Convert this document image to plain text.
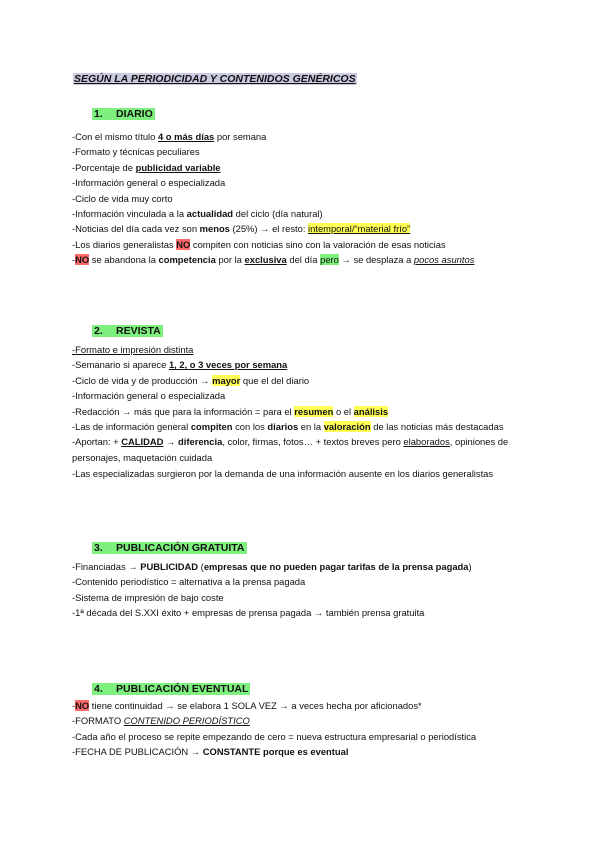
SEGÚN LA PERIODICIDAD Y CONTENIDOS GENÉRICOS
1. DIARIO
-Con el mismo título 4 o más días por semana
-Formato y técnicas peculiares
-Porcentaje de publicidad variable
-Información general o especializada
-Ciclo de vida muy corto
-Información vinculada a la actualidad del ciclo (día natural)
-Noticias del día cada vez son menos (25%) → el resto: intemporal/“material frío”
-Los diarios generalistas NO compiten con noticias sino con la valoración de esas noticias
-NO se abandona la competencia por la exclusiva del día pero → se desplaza a pocos asuntos
2. REVISTA
-Formato e impresión distinta
-Semanario si aparece 1, 2, o 3 veces por semana
-Ciclo de vida y de producción → mayor que el del diario
-Información general o especializada
-Redacción → más que para la información = para el resumen o el análisis
-Las de información general compiten con los diarios en la valoración de las noticias más destacadas
-Aportan: + CALIDAD → diferencia, color, firmas, fotos… + textos breves pero elaborados, opiniones de personajes, maquetación cuidada
-Las especializadas surgieron por la demanda de una información ausente en los diarios generalistas
3. PUBLICACIÓN GRATUITA
-Financiadas → PUBLICIDAD (empresas que no pueden pagar tarifas de la prensa pagada)
-Contenido periodístico = alternativa a la prensa pagada
-Sistema de impresión de bajo coste
-1ª década del S.XXI éxito + empresas de prensa pagada → también prensa gratuita
4. PUBLICACIÓN EVENTUAL
-NO tiene continuidad → se elabora 1 SOLA VEZ → a veces hecha por aficionados*
-FORMATO CONTENIDO PERIODÍSTICO
-Cada año el proceso se repite empezando de cero = nueva estructura empresarial o periodística
-FECHA DE PUBLICACIÓN → CONSTANTE porque es eventual
